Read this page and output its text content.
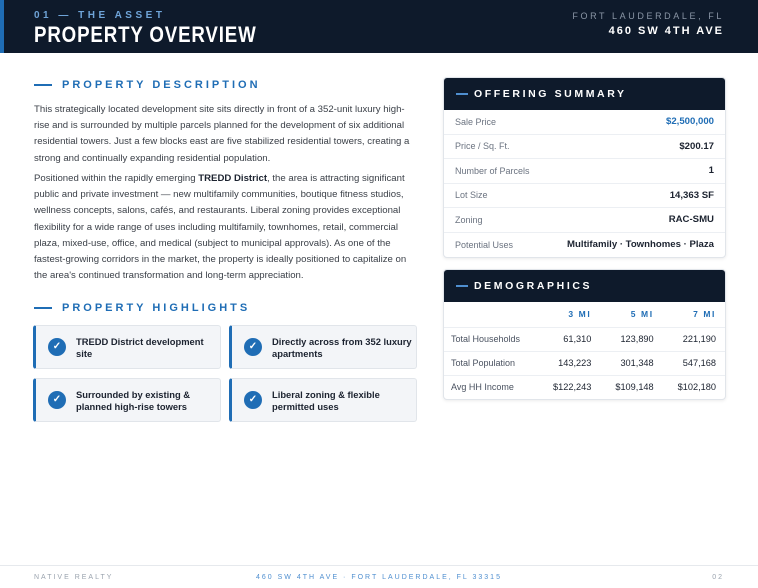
01 — THE ASSET
PROPERTY OVERVIEW
FORT LAUDERDALE, FL
460 SW 4TH AVE
PROPERTY DESCRIPTION

This strategically located development site sits directly in front of a 352-unit luxury high-rise and is surrounded by multiple parcels planned for the development of six additional residential towers. Just a few blocks east are five stabilized residential towers, creating a strong and continually expanding residential population.

Positioned within the rapidly emerging TREDD District, the area is attracting significant public and private investment — new multifamily communities, boutique fitness studios, wellness concepts, salons, cafés, and restaurants. Liberal zoning provides exceptional flexibility for a wide range of uses including multifamily, townhomes, retail, commercial plaza, mixed-use, office, and medical (subject to municipal approvals). As one of the fastest-growing corridors in the market, the property is ideally positioned to capitalize on the area's continued transformation and long-term appreciation.

PROPERTY HIGHLIGHTS
✓	TREDD District development site
✓	Directly across from 352 luxury apartments
✓	Surrounded by existing & planned high-rise towers
✓	Liberal zoning & flexible permitted uses
OFFERING SUMMARY
Sale Price	$2,500,000
Price / Sq. Ft.	$200.17
Number of Parcels	1
Lot Size	14,363 SF
Zoning	RAC-SMU
Potential Uses	Multifamily · Townhomes · Plaza
DEMOGRAPHICS
	3 MI	5 MI	7 MI
Total Households	61,310	123,890	221,190
Total Population	143,223	301,348	547,168
Avg HH Income	$122,243	$109,148	$102,180
NATIVE REALTY	460 SW 4TH AVE · FORT LAUDERDALE, FL 33315	02
